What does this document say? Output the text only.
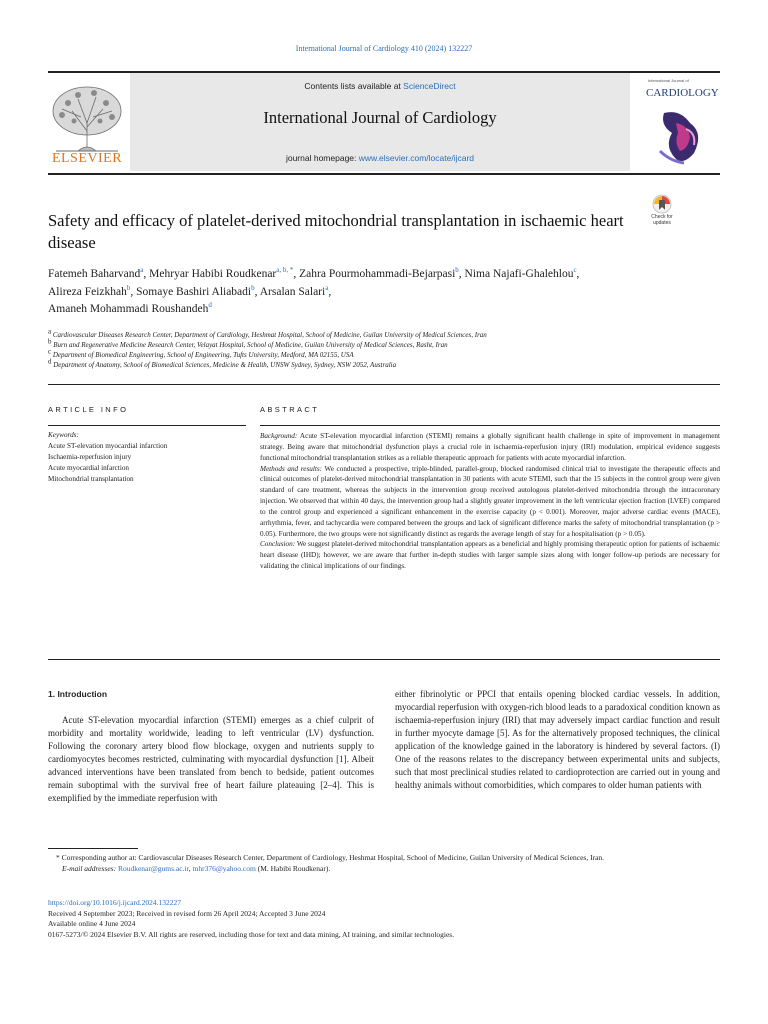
International Journal of Cardiology 410 (2024) 132227
ELSEVIER
Contents lists available at ScienceDirect
International Journal of Cardiology
journal homepage: www.elsevier.com/locate/ijcard
International Journal of
CARDIOLOGY
Check for
updates
Safety and efficacy of platelet-derived mitochondrial transplantation in ischaemic heart disease
Fatemeh Baharvand$^a$, Mehryar Habibi Roudkenar$^{a, b, *}$, Zahra Pourmohammadi-Bejarpasi$^b$, Nima Najafi-Ghalehlou$^c$,
Alireza Feizkhah$^b$, Somaye Bashiri Aliabadi$^b$, Arsalan Salari$^a$,
Amaneh Mohammadi Roushandeh$^d$
$^a$ Cardiovascular Diseases Research Center, Department of Cardiology, Heshmat Hospital, School of Medicine, Guilan University of Medical Sciences, Iran
$^b$ Burn and Regenerative Medicine Research Center, Velayat Hospital, School of Medicine, Guilan University of Medical Sciences, Rasht, Iran
$^c$ Department of Biomedical Engineering, School of Engineering, Tufts University, Medford, MA 02155, USA
$^d$ Department of Anatomy, School of Biomedical Sciences, Medicine & Health, UNSW Sydney, Sydney, NSW 2052, Australia
ARTICLE INFO	ABSTRACT
Keywords:
Acute ST-elevation myocardial infarction
Ischaemia-reperfusion injury
Acute myocardial infarction
Mitochondrial transplantation

Background: Acute ST-elevation myocardial infarction (STEMI) remains a globally significant health challenge in spite of improvement in management strategy. Being aware that mitochondrial dysfunction plays a crucial role in ischaemia-reperfusion injury (IRI) modulation, empirical evidence suggests functional mitochondrial transplantation strikes as a reliable therapeutic approach for patients with acute myocardial infarction.

Methods and results: We conducted a prospective, triple-blinded, parallel-group, blocked randomised clinical trial to investigate the therapeutic effects and clinical outcomes of platelet-derived mitochondrial transplantation in 30 patients with acute STEMI, such that the 15 subjects in the control group were given standard of care treatment, whereas the subjects in the intervention group received autologous platelet-derived mitochondria through the intracoronary injection. We observed that within 40 days, the intervention group had a slightly greater improvement in the left ventricular ejection fraction (LVEF) compared to the control group and experienced a significant enhancement in the exercise capacity (p < 0.001). Moreover, major adverse cardiac events (MACE), arrhythmia, fever, and tachycardia were compared between the groups and lack of significant difference marks the safety of mitochondrial transplantation (p > 0.05). Furthermore, the two groups were not significantly distinct as regards the average length of stay for a hospitalisation (p > 0.05).

Conclusion: We suggest platelet-derived mitochondrial transplantation appears as a beneficial and highly promising therapeutic option for patients of ischaemic heart disease (IHD); however, we are aware that further in-depth studies with larger sample sizes along with longer follow-up periods are necessary for validating the clinical implications of our findings.

1. Introduction

Acute ST-elevation myocardial infarction (STEMI) emerges as a chief culprit of morbidity and mortality worldwide, leading to left ventricular (LV) dysfunction. Following the coronary artery blood flow blockage, oxygen and nutrients supply to cardiomyocytes becomes restricted, culminating with myocardial dysfunction [1]. Albeit advanced interventions have been translated from bench to bedside, patient outcomes remain suboptimal with the survival free of heart failure plateauing [2–4]. This is exemplified by the immediate reperfusion with

either fibrinolytic or PPCI that entails opening blocked cardiac vessels. In addition, myocardial reperfusion with oxygen-rich blood leads to a paradoxical condition known as ischaemia-reperfusion injury (IRI) that may adversely impact cardiac function and result in further myocyte damage [5]. As for the alternatively proposed techniques, the clinical application of the knowledge gained in the laboratory is hindered by several factors. (I) One of the reasons relates to the discrepancy between experimental units and subjects, such that most preclinical studies related to cardioprotection are carried out in young and healthy animals without comorbidities, which compares to older human patients with

* Corresponding author at: Cardiovascular Diseases Research Center, Department of Cardiology, Heshmat Hospital, School of Medicine, Guilan University of Medical Sciences, Iran.
E-mail addresses: Roudkenar@gums.ac.ir, mhr376@yahoo.com (M. Habibi Roudkenar).
https://doi.org/10.1016/j.ijcard.2024.132227
Received 4 September 2023; Received in revised form 26 April 2024; Accepted 3 June 2024
Available online 4 June 2024
0167-5273/© 2024 Elsevier B.V. All rights are reserved, including those for text and data mining, AI training, and similar technologies.
